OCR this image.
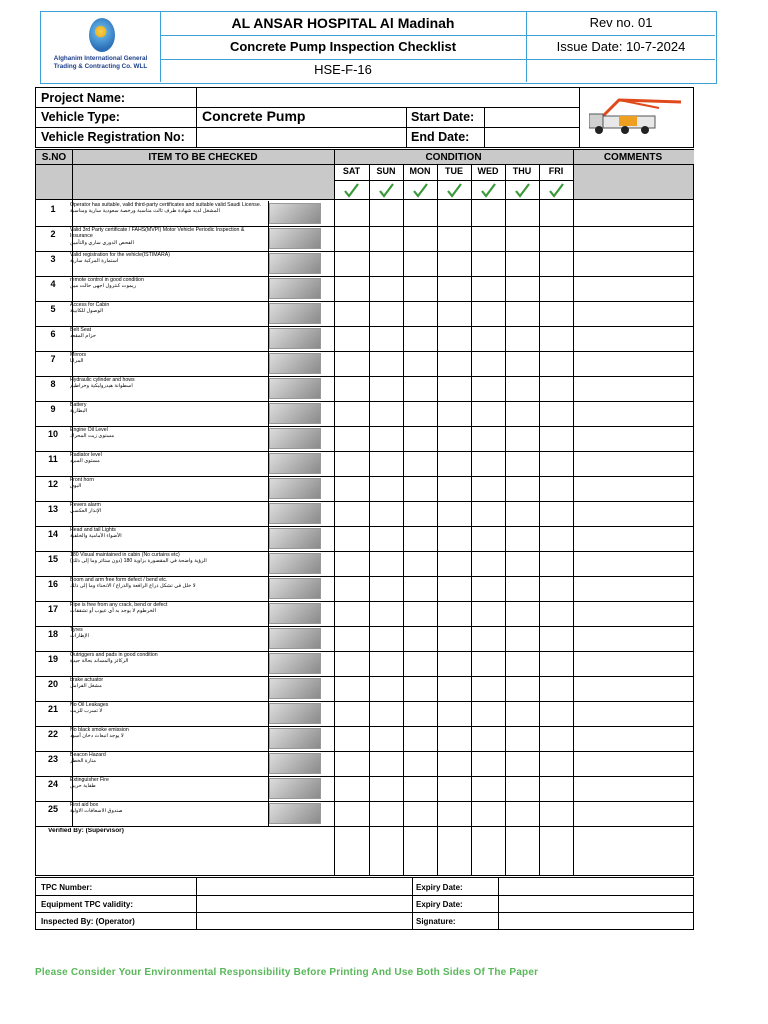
Alghanim International General Trading & Contracting Co. WLL
AL ANSAR HOSPITAL Al Madinah	Rev no. 01
Concrete Pump Inspection Checklist	Issue Date: 10-7-2024
HSE-F-16
Project Name:
Vehicle Type:	Concrete Pump	Start Date:
Vehicle Registration No:	End Date:
S.NO	ITEM TO BE CHECKED	CONDITION	COMMENTS
SAT	SUN	MON	TUE	WED	THU	FRI
1	Operator has suitable, valid third-party certificates and suitable valid Saudi License.
المشغل لديه شهادة طرف ثالث مناسبة ورخصة سعودية سارية ومناسبة
2	Valid 3rd Party certificate / FAHS(MVPI) Motor Vehicle Periodic Inspection & Insurance
الفحص الدوري ساري والتأمين
3	Valid registration for the vehicle(ISTIMARA)
استمارة المركبة سارية
4	remote control in good condition
ريموت كنترول اجهى حالت مين
5	Access for Cabin
الوصول للكابينة
6	Belt Seat
حزام المقعد
7	Mirrors
المرايا
8	Hydraulic cylinder and hows
اسطوانة هيدروليكية وخراطيم
9	Battery
البطارية
10	Engine Oil Level
مستوى زيت المحرك
11	Radiator level
مستوى المبرد
12	Front horn
البوق
13	Revers alarm
الإنذار العكسي
14	Head and tail Lights
الأضواء الأمامية والخلفية
15	180 Visual maintained in cabin (No curtains etc)
الرؤية واضحة في المقصورة بزاوية 180 (دون ستائر وما إلى ذلك)
16	Boom and arm free form defect / bend etc.
لا خلل في تشكل ذراع الرافعة والذراع / الانحناء وما إلى ذلك
17	Pipe is free from any crack, bend or defect
الخرطوم لا يوجد به أي عيوب أو تشققات
18	Tyres
الإطارات
19	Outriggers and pads in good condition
الركائز والمساند بحالة جيدة
20	brake actuator
مشغل الفرامل
21	No Oil Leakages
لا تسرب للزيت
22	No black smoke emission
لا يوجد انبعاث دخان أسود
23	Beacon Hazard
منارة الخطر
24	Extinguisher Fire
طفاية حريق
25	First aid box
صندوق الاسعافات الاولية
Verified By: (Supervisor)
TPC Number:	Expiry Date:
Equipment TPC validity:	Expiry Date:
Inspected By: (Operator)	Signature:
Please Consider Your Environmental Responsibility Before Printing And Use Both Sides Of The Paper
